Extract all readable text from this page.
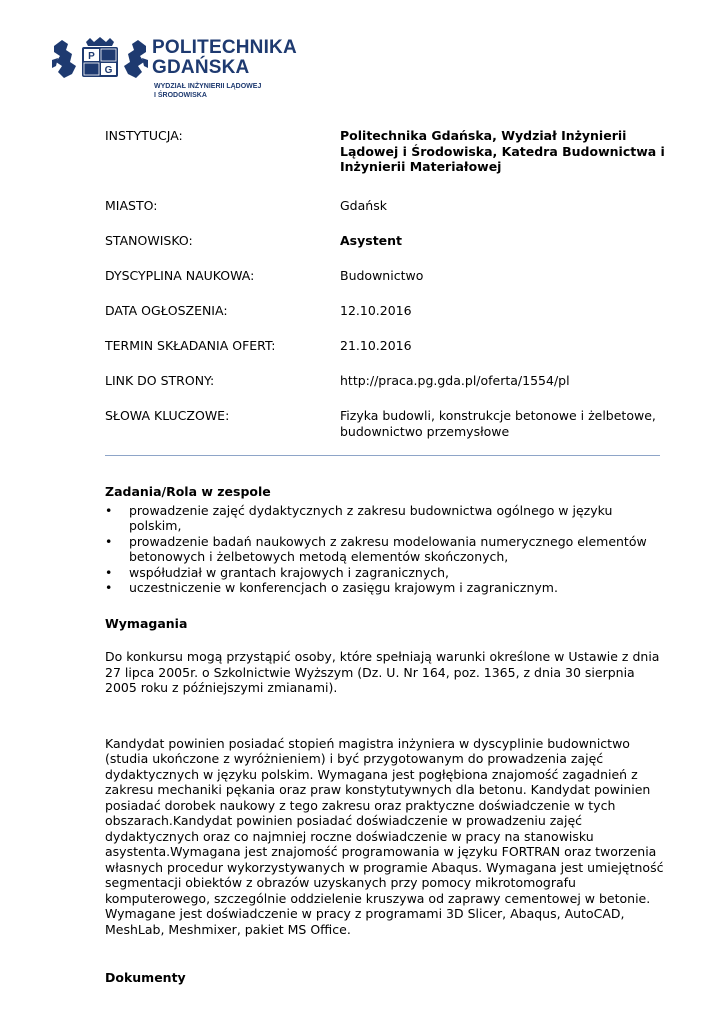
P
G
POLITECHNIKA
GDAŃSKA
WYDZIAŁ INŻYNIERII LĄDOWEJ
I ŚRODOWISKA
INSTYTUCJA:	Politechnika Gdańska, Wydział Inżynierii Lądowej i Środowiska, Katedra Budownictwa i Inżynierii Materiałowej
MIASTO:	Gdańsk
STANOWISKO:	Asystent
DYSCYPLINA NAUKOWA:	Budownictwo
DATA OGŁOSZENIA:	12.10.2016
TERMIN SKŁADANIA OFERT:	21.10.2016
LINK DO STRONY:	http://praca.pg.gda.pl/oferta/1554/pl
SŁOWA KLUCZOWE:	Fizyka budowli, konstrukcje betonowe i żelbetowe, budownictwo przemysłowe
Zadania/Rola w zespole
• prowadzenie zajęć dydaktycznych z zakresu budownictwa ogólnego w języku polskim,
• prowadzenie badań naukowych z zakresu modelowania numerycznego elementów betonowych i żelbetowych metodą elementów skończonych,
• współudział w grantach krajowych i zagranicznych,
• uczestniczenie w konferencjach o zasięgu krajowym i zagranicznym.
Wymagania

Do konkursu mogą przystąpić osoby, które spełniają warunki określone w Ustawie z dnia 27 lipca 2005r. o Szkolnictwie Wyższym (Dz. U. Nr 164, poz. 1365, z dnia 30 sierpnia 2005 roku z późniejszymi zmianami).

Kandydat powinien posiadać stopień magistra inżyniera w dyscyplinie budownictwo (studia ukończone z wyróżnieniem) i być przygotowanym do prowadzenia zajęć dydaktycznych w języku polskim. Wymagana jest pogłębiona znajomość zagadnień z zakresu mechaniki pękania oraz praw konstytutywnych dla betonu. Kandydat powinien posiadać dorobek naukowy z tego zakresu oraz praktyczne doświadczenie w tych obszarach.Kandydat powinien posiadać doświadczenie w prowadzeniu zajęć dydaktycznych oraz co najmniej roczne doświadczenie w pracy na stanowisku asystenta.Wymagana jest znajomość programowania w języku FORTRAN oraz tworzenia własnych procedur wykorzystywanych w programie Abaqus. Wymagana jest umiejętność segmentacji obiektów z obrazów uzyskanych przy pomocy mikrotomografu komputerowego, szczególnie oddzielenie kruszywa od zaprawy cementowej w betonie. Wymagane jest doświadczenie w pracy z programami 3D Slicer, Abaqus, AutoCAD, MeshLab, Meshmixer, pakiet MS Office.

Dokumenty
